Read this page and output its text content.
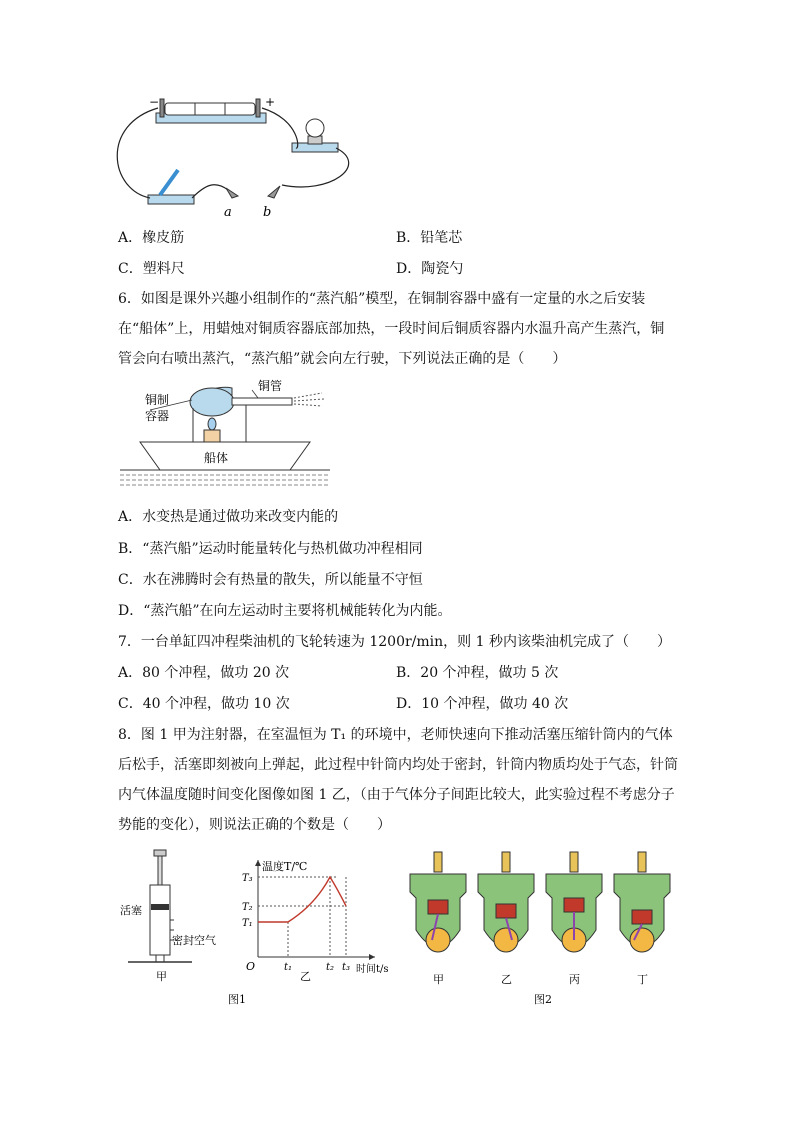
−	+
a b
A．橡皮筋	B．铅笔芯
C．塑料尺	D．陶瓷勺
6．如图是课外兴趣小组制作的“蒸汽船”模型，在铜制容器中盛有一定量的水之后安装在“船体”上，用蜡烛对铜质容器底部加热，一段时间后铜质容器内水温升高产生蒸汽，铜管会向右喷出蒸汽，“蒸汽船”就会向左行驶，下列说法正确的是（　　）
铜制
容器
铜管
船体
A．水变热是通过做功来改变内能的
B．“蒸汽船”运动时能量转化与热机做功冲程相同
C．水在沸腾时会有热量的散失，所以能量不守恒
D．“蒸汽船”在向左运动时主要将机械能转化为内能。
7．一台单缸四冲程柴油机的飞轮转速为 1200r/min，则 1 秒内该柴油机完成了（　　）
A．80 个冲程，做功 20 次	B．20 个冲程，做功 5 次
C．40 个冲程，做功 10 次	D．10 个冲程，做功 40 次
8．图 1 甲为注射器，在室温恒为 T₁ 的环境中，老师快速向下推动活塞压缩针筒内的气体后松手，活塞即刻被向上弹起，此过程中针筒内均处于密封，针筒内物质均处于气态，针筒内气体温度随时间变化图像如图 1 乙，（由于气体分子间距比较大，此实验过程不考虑分子势能的变化），则说法正确的个数是（　　）
活塞
密封空气
甲
温度T/℃
时间t/s
O
T₃
T₂
T₁
t₁	t₂ t₃
乙
图1
甲	乙	丙	丁
图2
